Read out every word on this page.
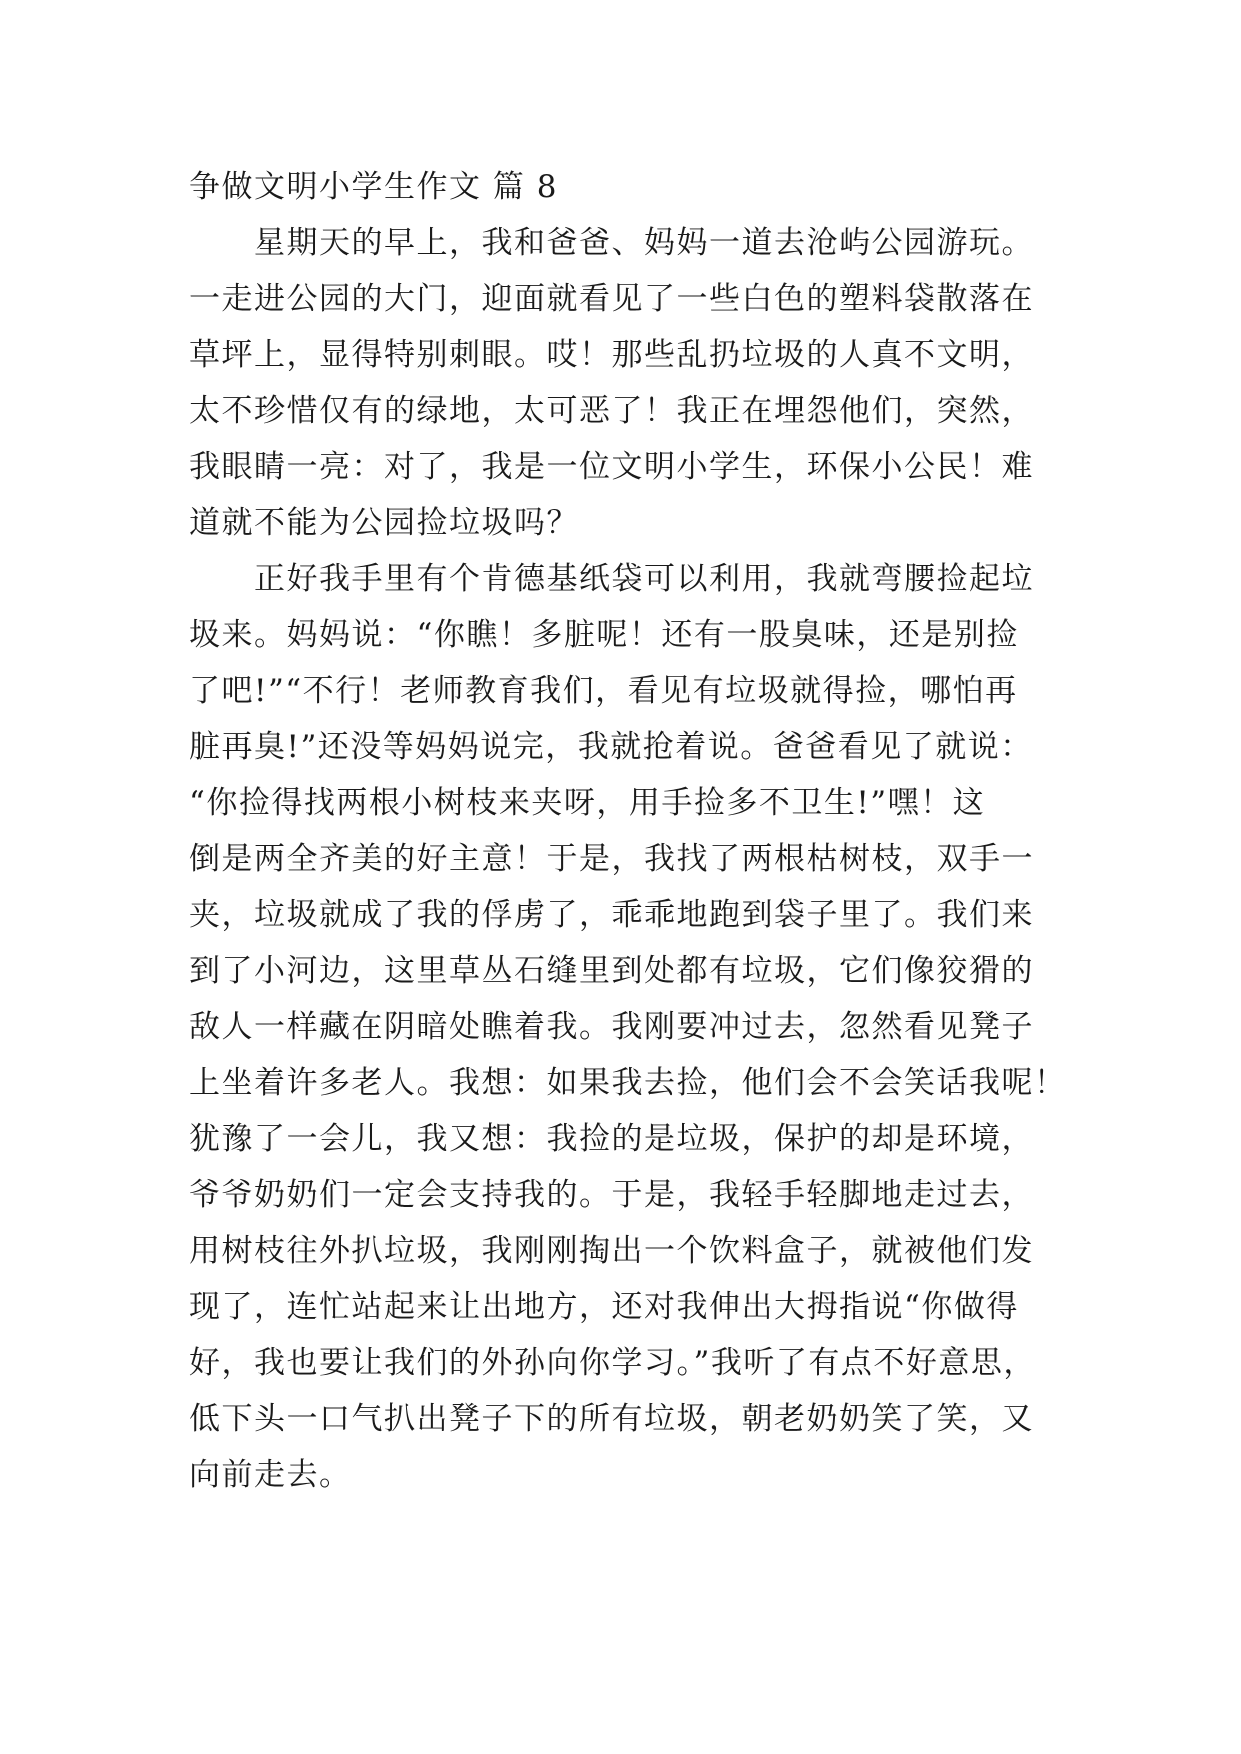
争做文明小学生作文 篇 8
　　星期天的早上，我和爸爸、妈妈一道去沧屿公园游玩。
一走进公园的大门，迎面就看见了一些白色的塑料袋散落在
草坪上，显得特别刺眼。哎！那些乱扔垃圾的人真不文明，
太不珍惜仅有的绿地，太可恶了！我正在埋怨他们，突然，
我眼睛一亮：对了，我是一位文明小学生，环保小公民！难
道就不能为公园捡垃圾吗？
　　正好我手里有个肯德基纸袋可以利用，我就弯腰捡起垃
圾来。妈妈说：“你瞧！多脏呢！还有一股臭味，还是别捡
了吧!”“不行！老师教育我们，看见有垃圾就得捡，哪怕再
脏再臭!”还没等妈妈说完，我就抢着说。爸爸看见了就说：
“你捡得找两根小树枝来夹呀，用手捡多不卫生!”嘿！这
倒是两全齐美的好主意！于是，我找了两根枯树枝，双手一
夹，垃圾就成了我的俘虏了，乖乖地跑到袋子里了。我们来
到了小河边，这里草丛石缝里到处都有垃圾，它们像狡猾的
敌人一样藏在阴暗处瞧着我。我刚要冲过去，忽然看见凳子
上坐着许多老人。我想：如果我去捡，他们会不会笑话我呢！
犹豫了一会儿，我又想：我捡的是垃圾，保护的却是环境，
爷爷奶奶们一定会支持我的。于是，我轻手轻脚地走过去，
用树枝往外扒垃圾，我刚刚掏出一个饮料盒子，就被他们发
现了，连忙站起来让出地方，还对我伸出大拇指说“你做得
好，我也要让我们的外孙向你学习。”我听了有点不好意思，
低下头一口气扒出凳子下的所有垃圾，朝老奶奶笑了笑，又
向前走去。
